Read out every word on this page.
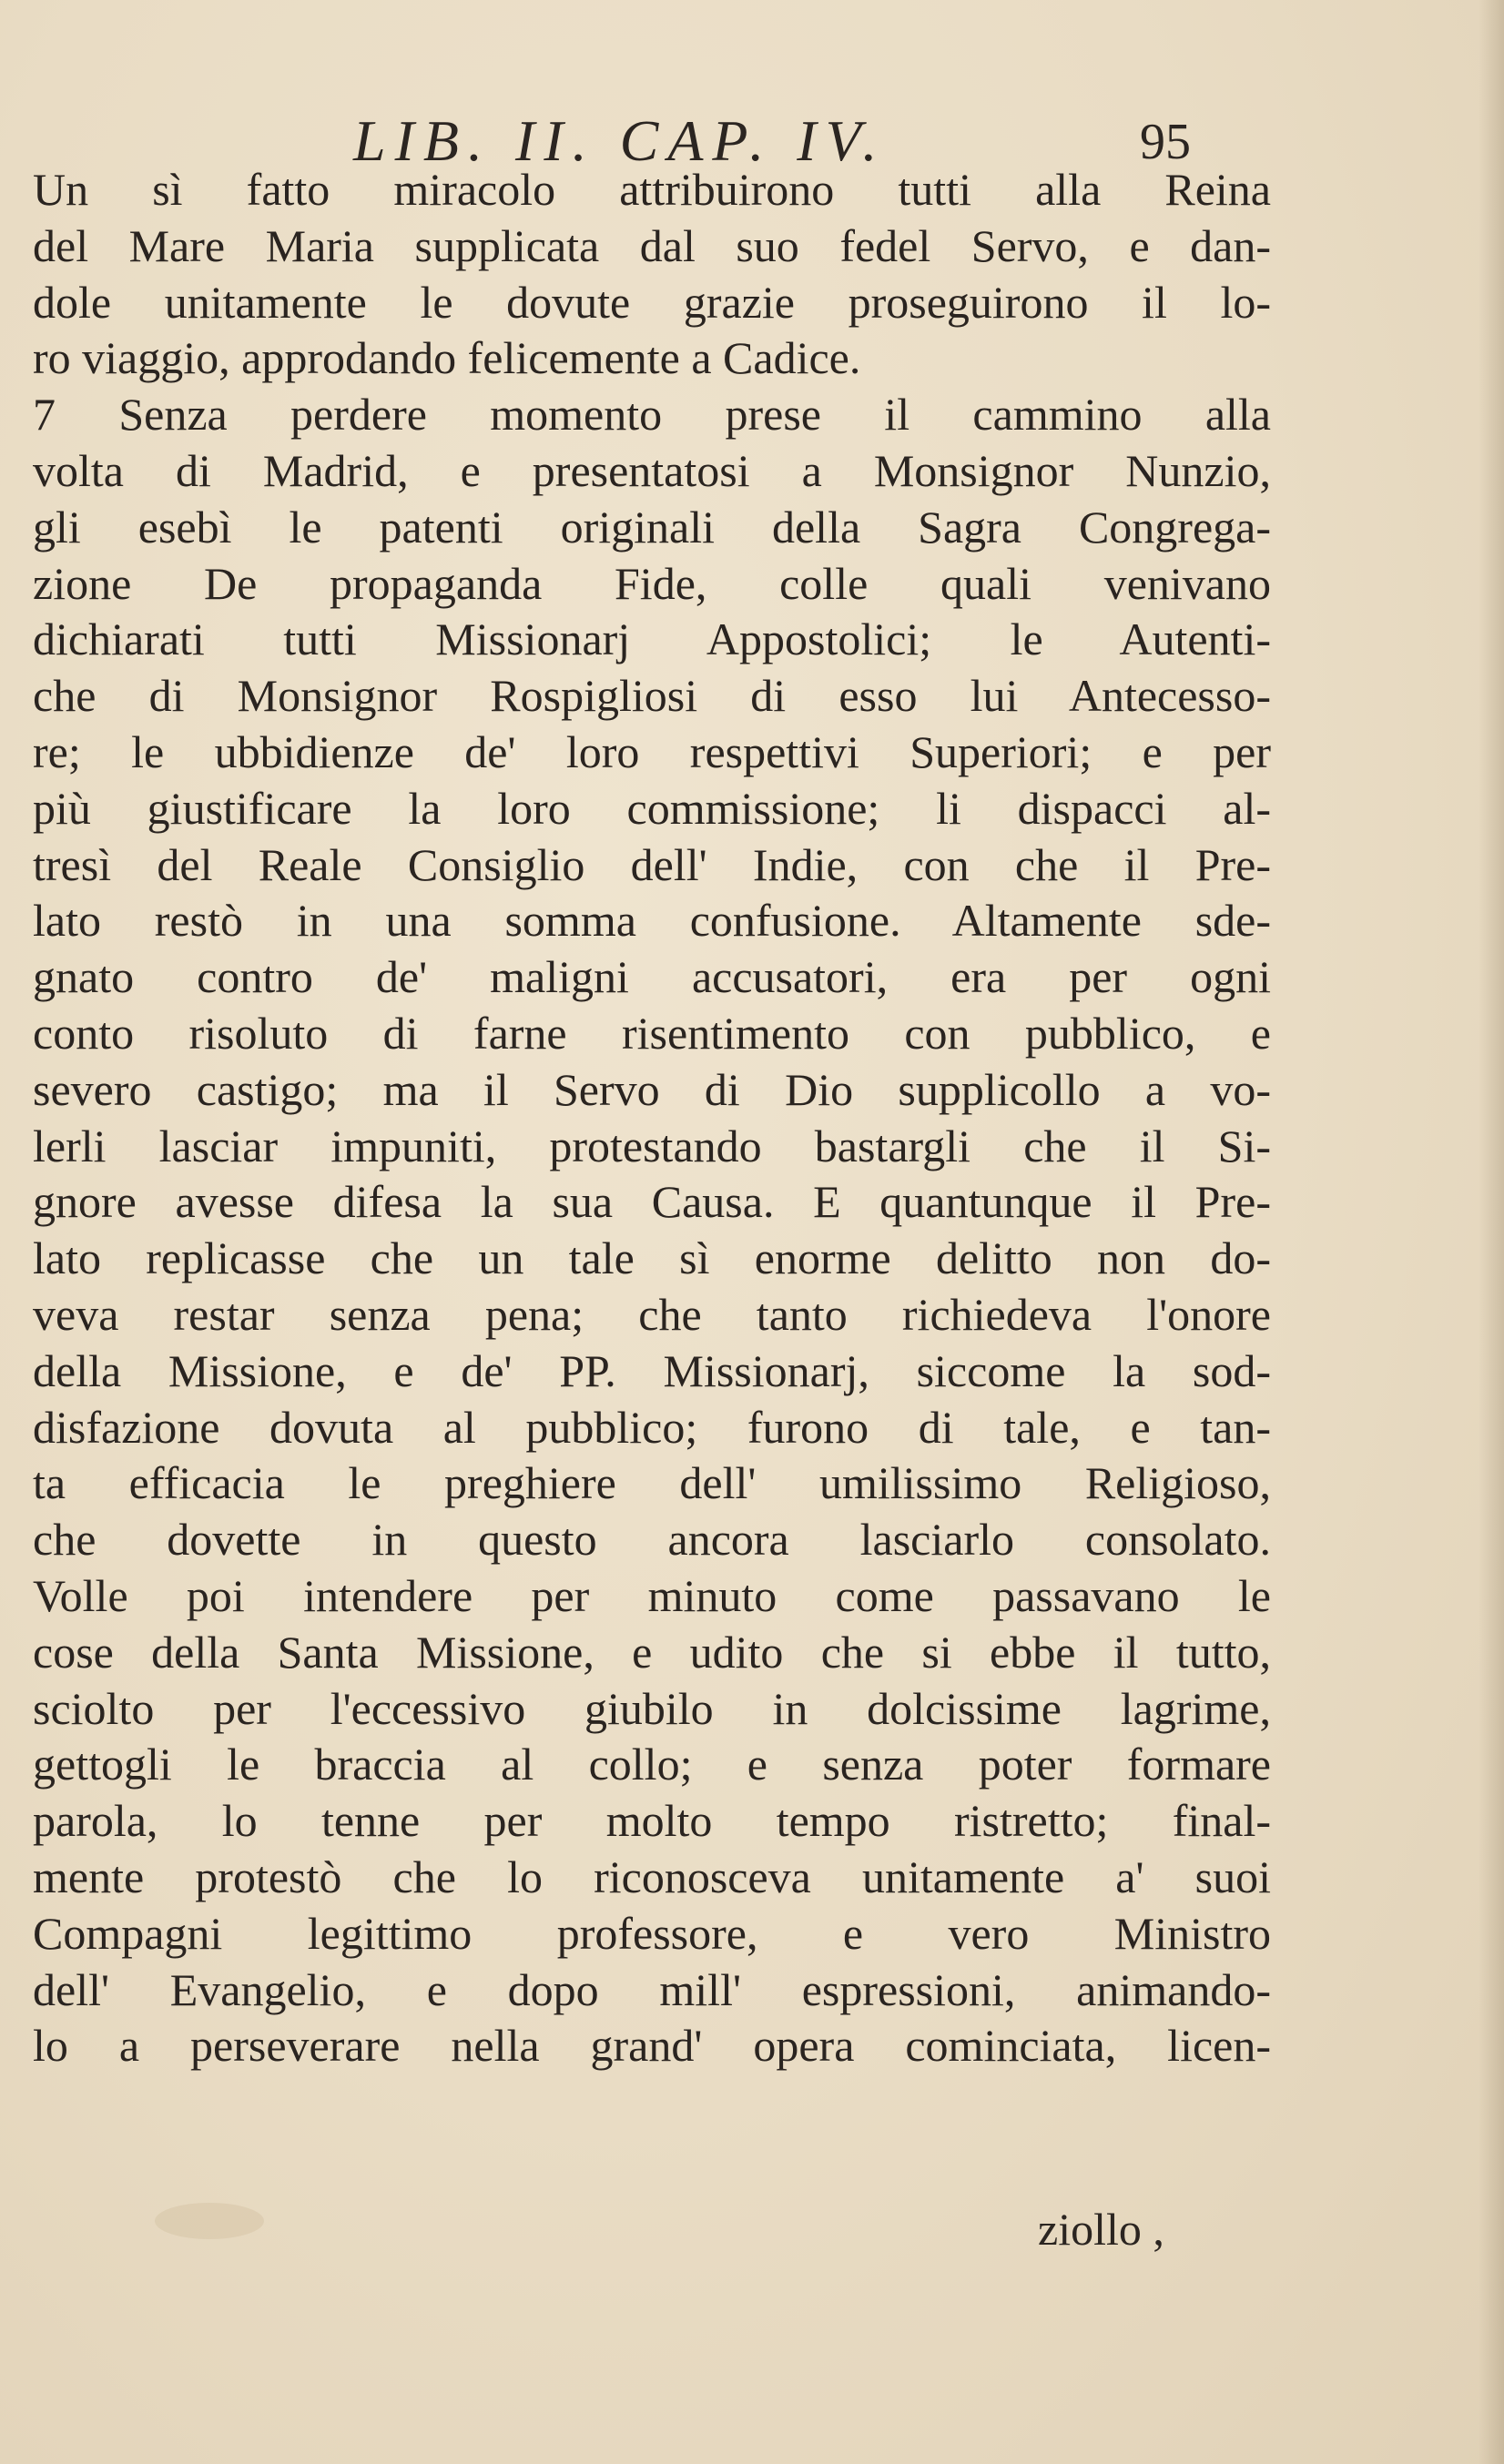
LIB. II. CAP. IV.	95
Un sì fatto miracolo attribuirono tutti alla Reina
del Mare Maria supplicata dal suo fedel Servo, e dan-
dole unitamente le dovute grazie proseguirono il lo-
ro viaggio, approdando felicemente a Cadice.
7 Senza perdere momento prese il cammino alla
volta di Madrid, e presentatosi a Monsignor Nunzio,
gli esebì le patenti originali della Sagra Congrega-
zione De propaganda Fide, colle quali venivano
dichiarati tutti Missionarj Appostolici; le Autenti-
che di Monsignor Rospigliosi di esso lui Antecesso-
re; le ubbidienze de' loro respettivi Superiori; e per
più giustificare la loro commissione; li dispacci al-
tresì del Reale Consiglio dell' Indie, con che il Pre-
lato restò in una somma confusione. Altamente sde-
gnato contro de' maligni accusatori, era per ogni
conto risoluto di farne risentimento con pubblico, e
severo castigo; ma il Servo di Dio supplicollo a vo-
lerli lasciar impuniti, protestando bastargli che il Si-
gnore avesse difesa la sua Causa. E quantunque il Pre-
lato replicasse che un tale sì enorme delitto non do-
veva restar senza pena; che tanto richiedeva l'onore
della Missione, e de' PP. Missionarj, siccome la sod-
disfazione dovuta al pubblico; furono di tale, e tan-
ta efficacia le preghiere dell' umilissimo Religioso,
che dovette in questo ancora lasciarlo consolato.
Volle poi intendere per minuto come passavano le
cose della Santa Missione, e udito che si ebbe il tutto,
sciolto per l'eccessivo giubilo in dolcissime lagrime,
gettogli le braccia al collo; e senza poter formare
parola, lo tenne per molto tempo ristretto; final-
mente protestò che lo riconosceva unitamente a' suoi
Compagni legittimo professore, e vero Ministro
dell' Evangelio, e dopo mill' espressioni, animando-
lo a perseverare nella grand' opera cominciata, licen-
ziollo ,
